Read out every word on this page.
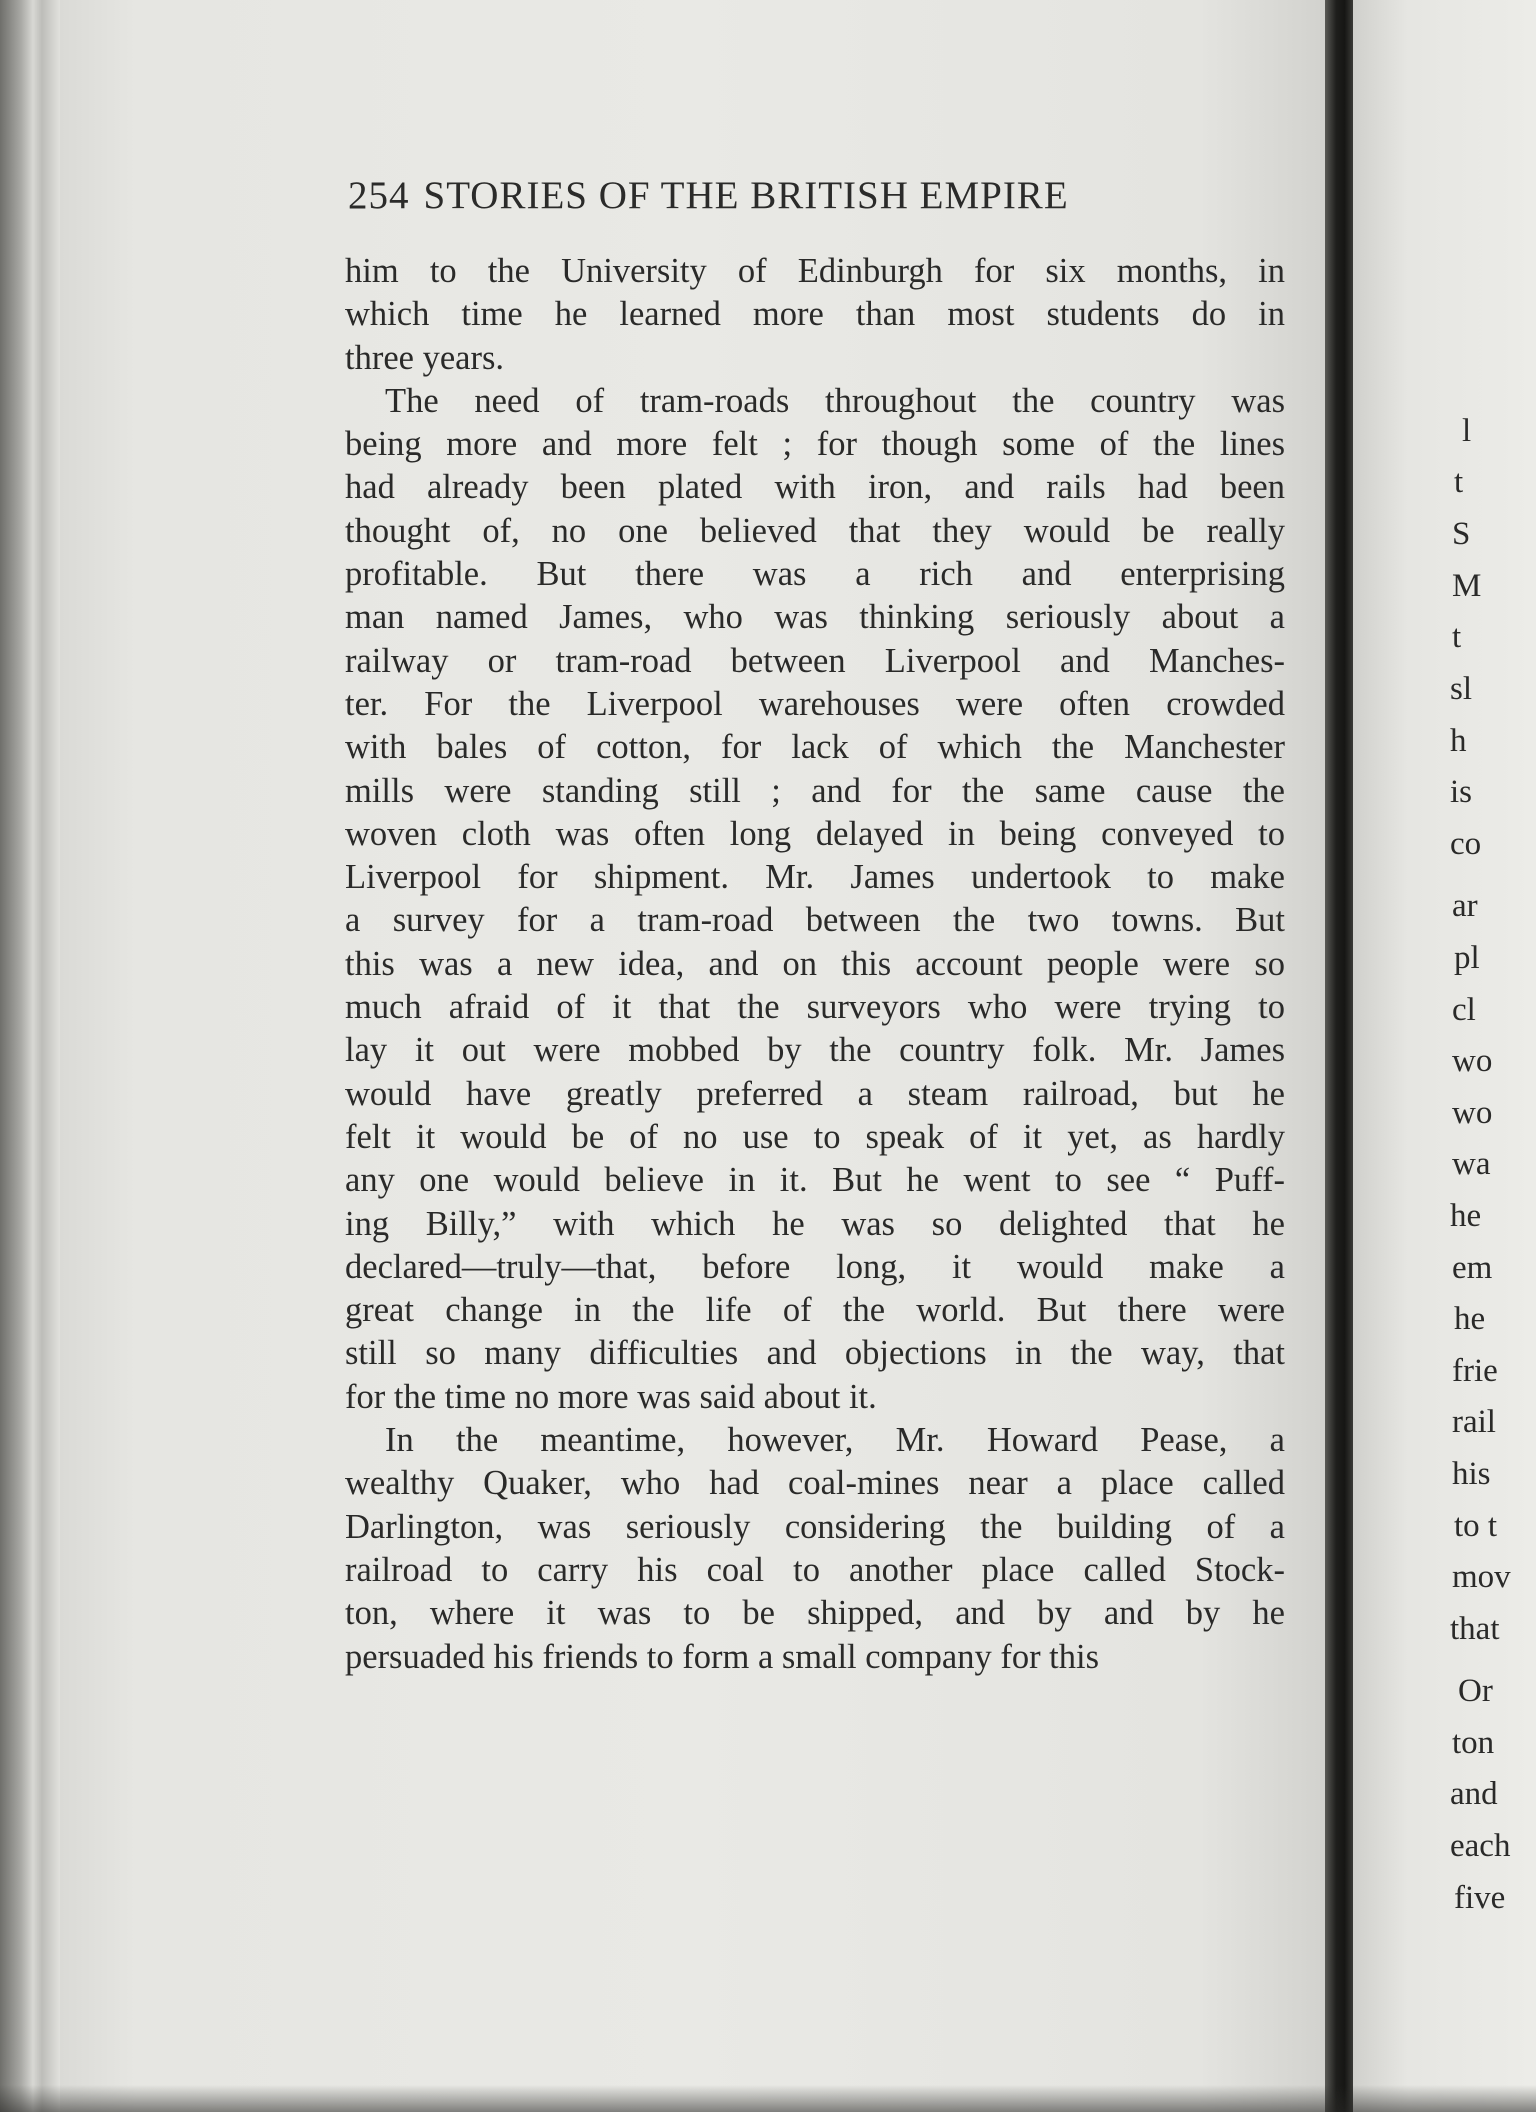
254 STORIES OF THE BRITISH EMPIRE
him to the University of Edinburgh for six months, in
which time he learned more than most students do in
three years.
The need of tram-roads throughout the country was
being more and more felt ; for though some of the lines
had already been plated with iron, and rails had been
thought of, no one believed that they would be really
profitable. But there was a rich and enterprising
man named James, who was thinking seriously about a
railway or tram-road between Liverpool and Manches-
ter. For the Liverpool warehouses were often crowded
with bales of cotton, for lack of which the Manchester
mills were standing still ; and for the same cause the
woven cloth was often long delayed in being conveyed to
Liverpool for shipment. Mr. James undertook to make
a survey for a tram-road between the two towns. But
this was a new idea, and on this account people were so
much afraid of it that the surveyors who were trying to
lay it out were mobbed by the country folk. Mr. James
would have greatly preferred a steam railroad, but he
felt it would be of no use to speak of it yet, as hardly
any one would believe in it. But he went to see “ Puff-
ing Billy,” with which he was so delighted that he
declared—truly—that, before long, it would make a
great change in the life of the world. But there were
still so many difficulties and objections in the way, that
for the time no more was said about it.
In the meantime, however, Mr. Howard Pease, a
wealthy Quaker, who had coal-mines near a place called
Darlington, was seriously considering the building of a
railroad to carry his coal to another place called Stock-
ton, where it was to be shipped, and by and by he
persuaded his friends to form a small company for this
l
t
S
M
t
sl
h
is
co
ar
pl
cl
wo
wo
wa
he
em
he
frie
rail
his
to t
mov
that
Or
ton
and
each
five
